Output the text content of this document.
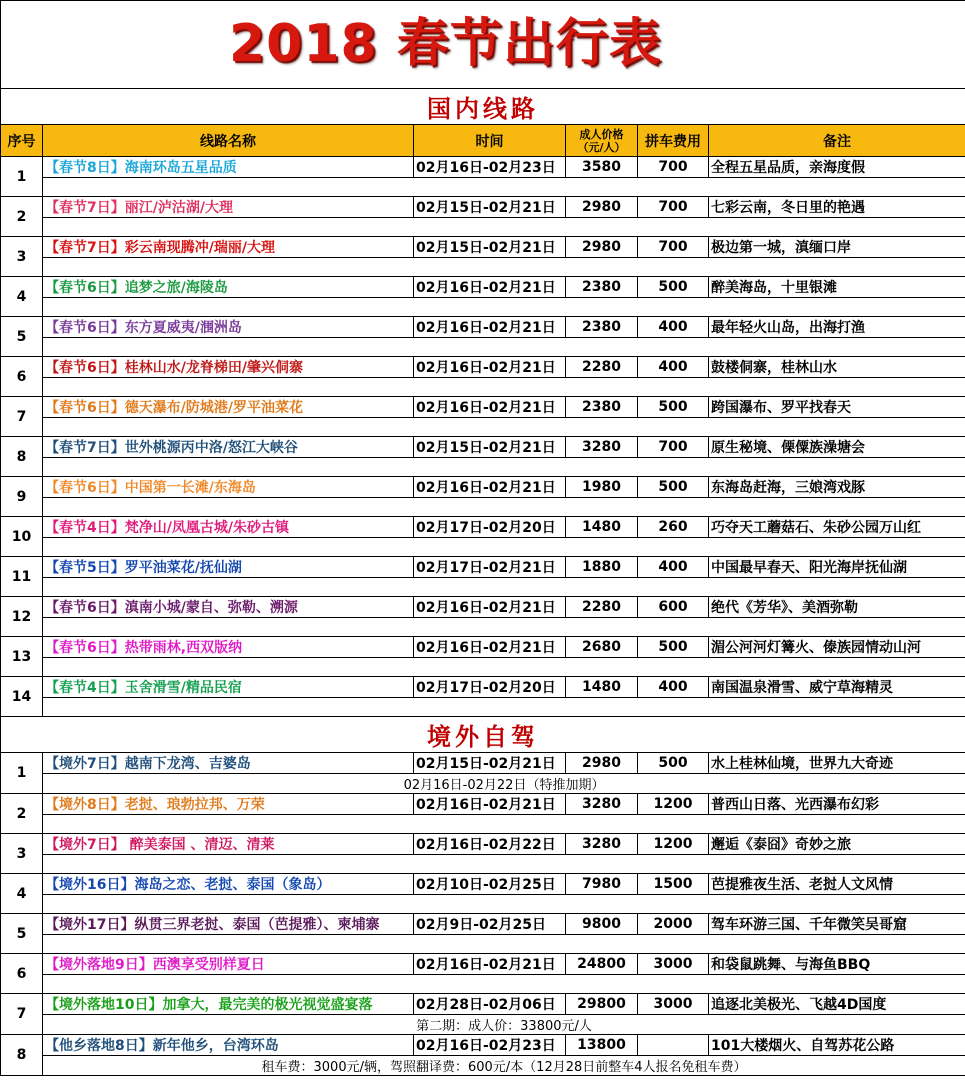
2018 春节出行表					

国内线路					
序号	线路名称	时间	成人价格
（元/人）	拼车费用	备注
1	【春节8日】海南环岛五星品质	02月16日-02月23日	3580	700	全程五星品质，亲海度假

2	【春节7日】丽江/泸沽湖/大理	02月15日-02月21日	2980	700	七彩云南，冬日里的艳遇

3	【春节7日】彩云南现腾冲/瑞丽/大理	02月15日-02月21日	2980	700	极边第一城，滇缅口岸

4	【春节6日】追梦之旅/海陵岛	02月16日-02月21日	2380	500	醉美海岛，十里银滩

5	【春节6日】东方夏威夷/涠洲岛	02月16日-02月21日	2380	400	最年轻火山岛，出海打渔

6	【春节6日】桂林山水/龙脊梯田/肇兴侗寨	02月16日-02月21日	2280	400	鼓楼侗寨，桂林山水

7	【春节6日】德天瀑布/防城港/罗平油菜花	02月16日-02月21日	2380	500	跨国瀑布、罗平找春天

8	【春节7日】世外桃源丙中洛/怒江大峡谷	02月15日-02月21日	3280	700	原生秘境、傈僳族澡塘会

9	【春节6日】中国第一长滩/东海岛	02月16日-02月21日	1980	500	东海岛赶海，三娘湾戏豚

10	【春节4日】梵净山/凤凰古城/朱砂古镇	02月17日-02月20日	1480	260	巧夺天工蘑菇石、朱砂公园万山红

11	【春节5日】罗平油菜花/抚仙湖	02月17日-02月21日	1880	400	中国最早春天、阳光海岸抚仙湖

12	【春节6日】滇南小城/蒙自、弥勒、溯源	02月16日-02月21日	2280	600	绝代《芳华》、美酒弥勒

13	【春节6日】热带雨林,西双版纳	02月16日-02月21日	2680	500	湄公河河灯篝火、傣族园情动山河

14	【春节4日】玉舍滑雪/精品民宿	02月17日-02月20日	1480	400	南国温泉滑雪、威宁草海精灵

境外自驾					
1	【境外7日】越南下龙湾、吉婆岛	02月15日-02月21日	2980	500	水上桂林仙境，世界九大奇迹
	02月16日-02月22日（特推加期）				
2	【境外8日】老挝、琅勃拉邦、万荣	02月16日-02月21日	3280	1200	普西山日落、光西瀑布幻彩

3	【境外7日】 醉美泰国 、清迈、清莱	02月16日-02月22日	3280	1200	邂逅《泰囧》奇妙之旅

4	【境外16日】海岛之恋、老挝、泰国（象岛）	02月10日-02月25日	7980	1500	芭提雅夜生活、老挝人文风情

5	【境外17日】纵贯三界老挝、泰国（芭提雅）、柬埔寨	02月9日-02月25日	9800	2000	驾车环游三国、千年微笑吴哥窟

6	【境外落地9日】西澳享受别样夏日	02月16日-02月21日	24800	3000	和袋鼠跳舞、与海鱼BBQ

7	【境外落地10日】加拿大，最完美的极光视觉盛宴落	02月28日-02月06日	29800	3000	追逐北美极光、飞越4D国度
	第二期：成人价：33800元/人				
8	【他乡落地8日】新年他乡，台湾环岛	02月16日-02月23日	13800		101大楼烟火、自驾苏花公路
	租车费：3000元/辆，驾照翻译费：600元/本（12月28日前整车4人报名免租车费）				
